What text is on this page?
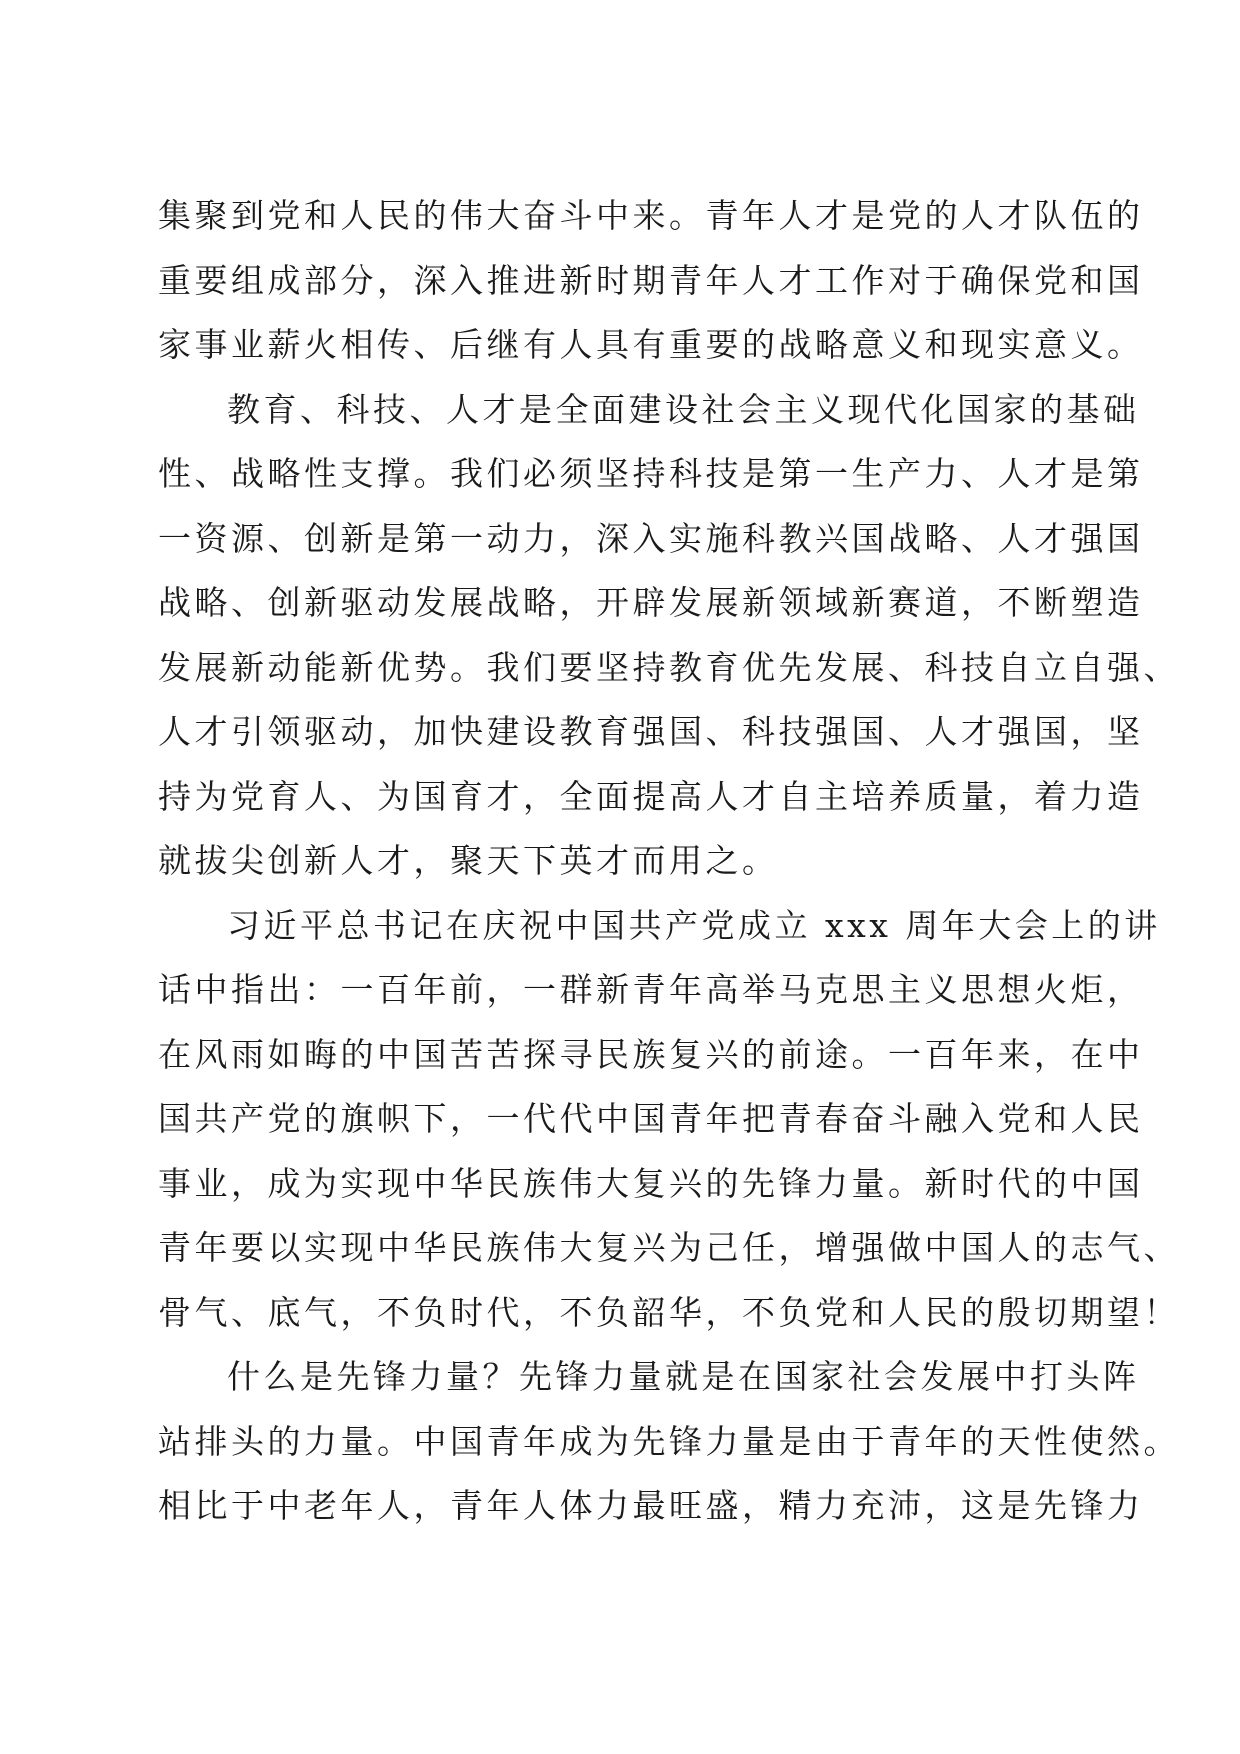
集聚到党和人民的伟大奋斗中来。青年人才是党的人才队伍的
重要组成部分，深入推进新时期青年人才工作对于确保党和国
家事业薪火相传、后继有人具有重要的战略意义和现实意义。
教育、科技、人才是全面建设社会主义现代化国家的基础
性、战略性支撑。我们必须坚持科技是第一生产力、人才是第
一资源、创新是第一动力，深入实施科教兴国战略、人才强国
战略、创新驱动发展战略，开辟发展新领域新赛道，不断塑造
发展新动能新优势。我们要坚持教育优先发展、科技自立自强、
人才引领驱动，加快建设教育强国、科技强国、人才强国，坚
持为党育人、为国育才，全面提高人才自主培养质量，着力造
就拔尖创新人才，聚天下英才而用之。
习近平总书记在庆祝中国共产党成立 xxx 周年大会上的讲
话中指出：一百年前，一群新青年高举马克思主义思想火炬，
在风雨如晦的中国苦苦探寻民族复兴的前途。一百年来，在中
国共产党的旗帜下，一代代中国青年把青春奋斗融入党和人民
事业，成为实现中华民族伟大复兴的先锋力量。新时代的中国
青年要以实现中华民族伟大复兴为己任，增强做中国人的志气、
骨气、底气，不负时代，不负韶华，不负党和人民的殷切期望！
什么是先锋力量？先锋力量就是在国家社会发展中打头阵
站排头的力量。中国青年成为先锋力量是由于青年的天性使然。
相比于中老年人，青年人体力最旺盛，精力充沛，这是先锋力
